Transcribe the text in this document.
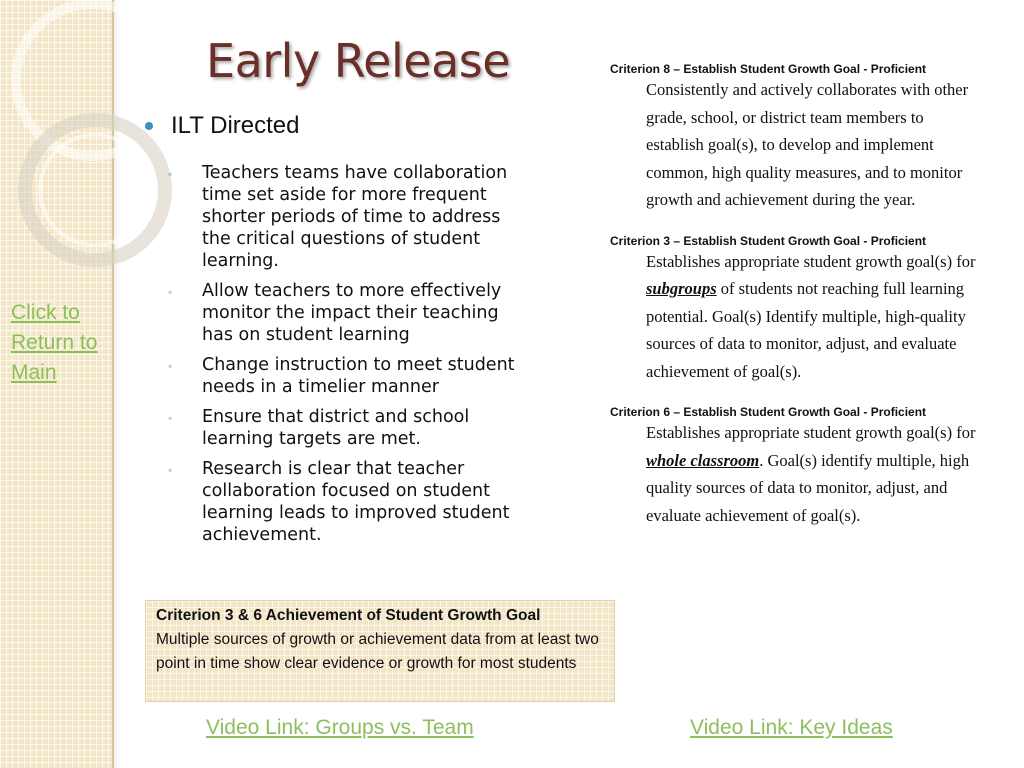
Click to Return to Main
Early Release
ILT Directed
◦	Teachers teams have collaboration time set aside for more frequent shorter periods of time to address the critical questions of student learning.
◦	Allow teachers to more effectively monitor the impact their teaching has on student learning
◦	Change instruction to meet student needs in a timelier manner
◦	Ensure that district and school learning targets are met.
◦	Research is clear that teacher collaboration focused on student learning leads to improved student achievement.
Criterion 3 & 6 Achievement of Student Growth Goal
Multiple sources of growth or achievement data from at least two point in time show clear evidence or growth for most students
Criterion 8 – Establish Student Growth Goal - Proficient
Consistently and actively collaborates with other grade, school, or district team members to establish goal(s), to develop and implement common, high quality measures, and to monitor growth and achievement during the year.
Criterion 3 – Establish Student Growth Goal - Proficient
Establishes appropriate student growth goal(s) for subgroups of students not reaching full learning potential. Goal(s) Identify multiple, high-quality sources of data to monitor, adjust, and evaluate achievement of goal(s).
Criterion 6 – Establish Student Growth Goal - Proficient
Establishes appropriate student growth goal(s) for whole classroom. Goal(s) identify multiple, high quality sources of data to monitor, adjust, and evaluate achievement of goal(s).
Video Link: Groups vs. Team	Video Link: Key Ideas
